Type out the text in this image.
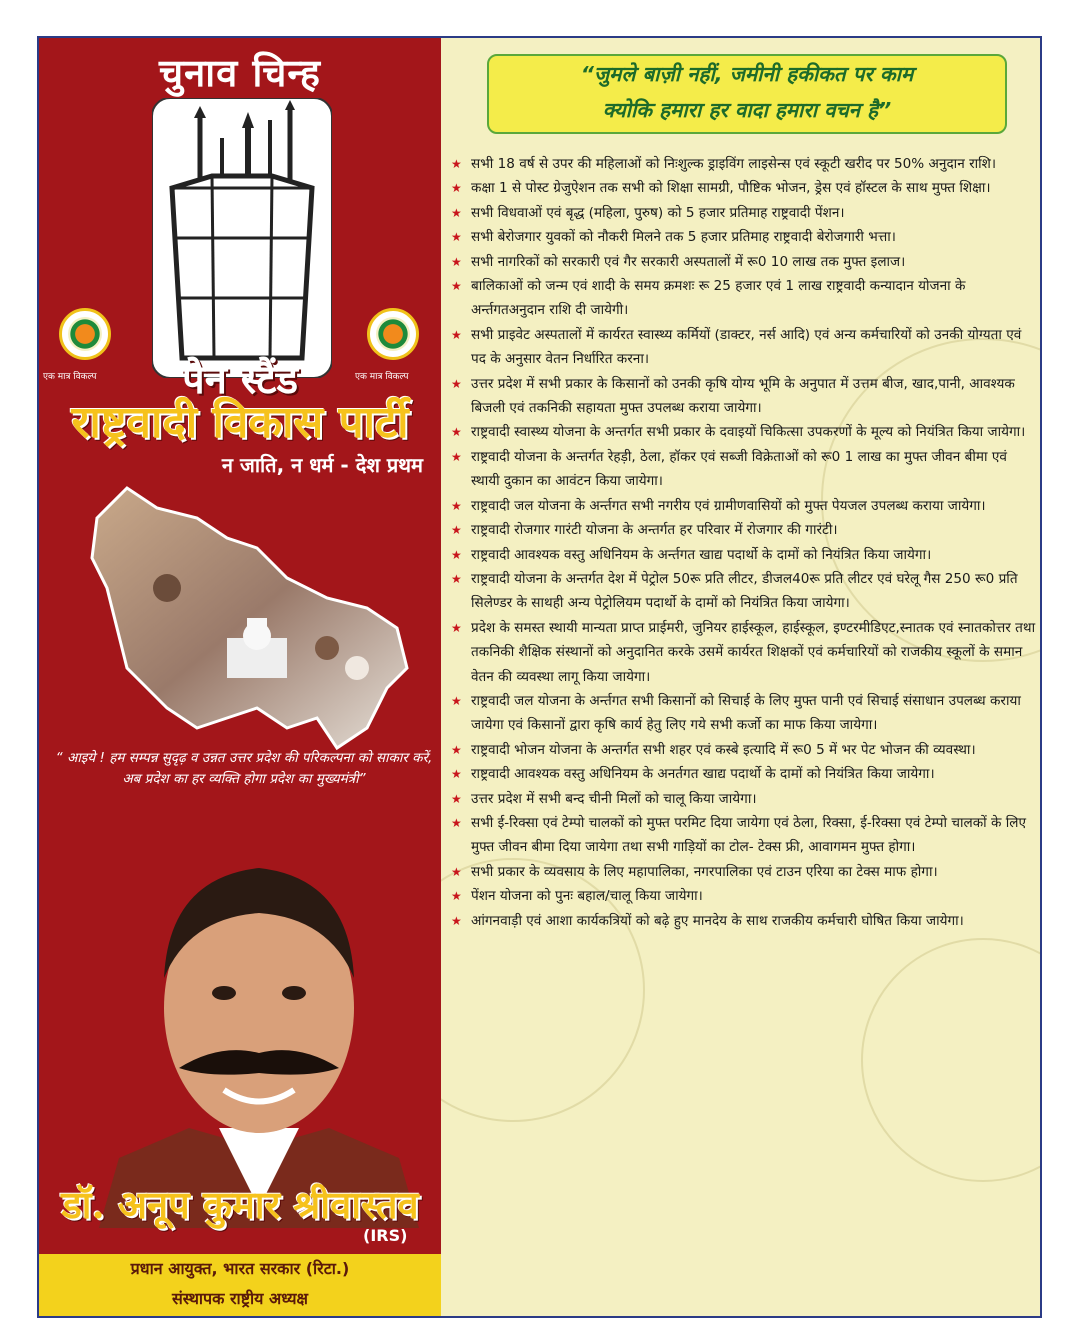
चुनाव चिन्ह
एक मात्र विकल्प	एक मात्र विकल्प
पेन स्टैंड
राष्ट्रवादी विकास पार्टी
न जाति, न धर्म - देश प्रथम
“ आइये ! हम सम्पन्न सुदृढ़ व उन्नत उत्तर प्रदेश की परिकल्पना को साकार करें, अब प्रदेश का हर व्यक्ति होगा प्रदेश का मुख्यमंत्री”
डॉ. अनूप कुमार श्रीवास्तव
(IRS)
प्रधान आयुक्त, भारत सरकार (रिटा.)
संस्थापक राष्ट्रीय अध्यक्ष
“जुमले बाज़ी नहीं, जमीनी हकीकत पर काम
क्योकि हमारा हर वादा हमारा वचन है”
★ सभी 18 वर्ष से उपर की महिलाओं को निःशुल्क ड्राइविंग लाइसेन्स एवं स्कूटी खरीद पर 50% अनुदान राशि।
★ कक्षा 1 से पोस्ट ग्रेजुऐशन तक सभी को शिक्षा सामग्री, पौष्टिक भोजन, ड्रेस एवं हॉस्टल के साथ मुफ्त शिक्षा।
★ सभी विधवाओं एवं बृद्ध (महिला, पुरुष) को 5 हजार प्रतिमाह राष्ट्रवादी पेंशन।
★ सभी बेरोजगार युवकों को नौकरी मिलने तक 5 हजार प्रतिमाह राष्ट्रवादी बेरोजगारी भत्ता।
★ सभी नागरिकों को सरकारी एवं गैर सरकारी अस्पतालों में रू0 10 लाख तक मुफ्त इलाज।
★ बालिकाओं को जन्म एवं शादी के समय क्रमशः रू 25 हजार एवं 1 लाख राष्ट्रवादी कन्यादान योजना के अर्न्तगतअनुदान राशि दी जायेगी।
★ सभी प्राइवेट अस्पतालों में कार्यरत स्वास्थ्य कर्मियों (डाक्टर, नर्स आदि) एवं अन्य कर्मचारियों को उनकी योग्यता एवं पद के अनुसार वेतन निर्धारित करना।
★ उत्तर प्रदेश में सभी प्रकार के किसानों को उनकी कृषि योग्य भूमि के अनुपात में उत्तम बीज, खाद,पानी, आवश्यक बिजली एवं तकनिकी सहायता मुफ्त उपलब्ध कराया जायेगा।
★ राष्ट्रवादी स्वास्थ्य योजना के अन्तर्गत सभी प्रकार के दवाइयों चिकित्सा उपकरणों के मूल्य को नियंत्रित किया जायेगा।
★ राष्ट्रवादी योजना के अन्तर्गत रेहड़ी, ठेला, हॉकर एवं सब्जी विक्रेताओं को रू0 1 लाख का मुफ्त जीवन बीमा एवं स्थायी दुकान का आवंटन किया जायेगा।
★ राष्ट्रवादी जल योजना के अर्न्तगत सभी नगरीय एवं ग्रामीणवासियों को मुफ्त पेयजल उपलब्ध कराया जायेगा।
★ राष्ट्रवादी रोजगार गारंटी योजना के अन्तर्गत हर परिवार में रोजगार की गारंटी।
★ राष्ट्रवादी आवश्यक वस्तु अधिनियम के अर्न्तगत खाद्य पदार्थो के दामों को नियंत्रित किया जायेगा।
★ राष्ट्रवादी योजना के अन्तर्गत देश में पेट्रोल 50रू प्रति लीटर, डीजल40रू प्रति लीटर एवं घरेलू गैस 250 रू0 प्रति सिलेण्डर के साथही अन्य पेट्रोलियम पदार्थो के दामों को नियंत्रित किया जायेगा।
★ प्रदेश के समस्त स्थायी मान्यता प्राप्त प्राईमरी, जुनियर हाईस्कूल, हाईस्कूल, इण्टरमीडिएट,स्नातक एवं स्नातकोत्तर तथा तकनिकी शैक्षिक संस्थानों को अनुदानित करके उसमें कार्यरत शिक्षकों एवं कर्मचारियों को राजकीय स्कूलों के समान वेतन की व्यवस्था लागू किया जायेगा।
★ राष्ट्रवादी जल योजना के अर्न्तगत सभी किसानों को सिचाई के लिए मुफ्त पानी एवं सिचाई संसाधान उपलब्ध कराया जायेगा एवं किसानों द्वारा कृषि कार्य हेतु लिए गये सभी कर्जो का माफ किया जायेगा।
★ राष्ट्रवादी भोजन योजना के अन्तर्गत सभी शहर एवं कस्बे इत्यादि में रू0 5 में भर पेट भोजन की व्यवस्था।
★ राष्ट्रवादी आवश्यक वस्तु अधिनियम के अनर्तगत खाद्य पदार्थो के दामों को नियंत्रित किया जायेगा।
★ उत्तर प्रदेश में सभी बन्द चीनी मिलों को चालू किया जायेगा।
★ सभी ई-रिक्सा एवं टेम्पो चालकों को मुफ्त परमिट दिया जायेगा एवं ठेला, रिक्सा, ई-रिक्सा एवं टेम्पो चालकों के लिए मुफ्त जीवन बीमा दिया जायेगा तथा सभी गाड़ियों का टोल- टेक्स फ्री, आवागमन मुफ्त होगा।
★ सभी प्रकार के व्यवसाय के लिए महापालिका, नगरपालिका एवं टाउन एरिया का टेक्स माफ होगा।
★ पेंशन योजना को पुनः बहाल/चालू किया जायेगा।
★ आंगनवाड़ी एवं आशा कार्यकत्रियों को बढ़े हुए मानदेय के साथ राजकीय कर्मचारी घोषित किया जायेगा।
